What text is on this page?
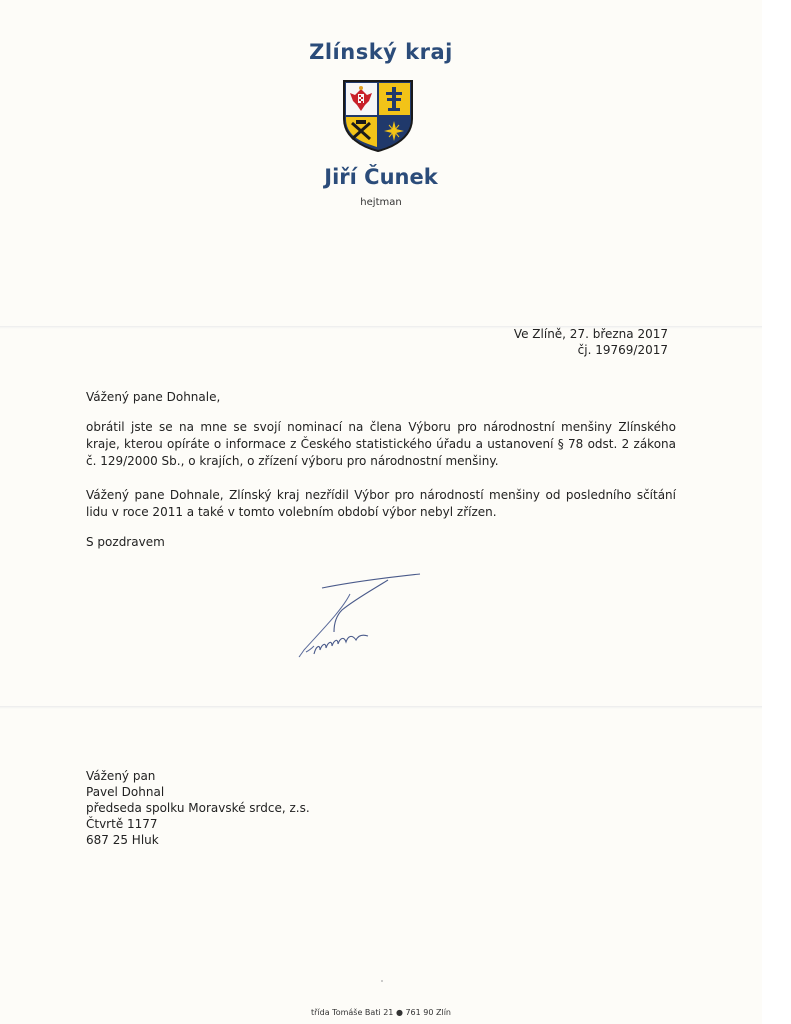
Zlínský kraj
Jiří Čunek
hejtman
Ve Zlíně, 27. března 2017
čj. 19769/2017
Vážený pane Dohnale,
obrátil jste se na mne se svojí nominací na člena Výboru pro národnostní menšiny Zlínského kraje, kterou opíráte o informace z Českého statistického úřadu a ustanovení § 78 odst. 2 zákona č. 129/2000 Sb., o krajích, o zřízení výboru pro národnostní menšiny.
Vážený pane Dohnale, Zlínský kraj nezřídil Výbor pro národností menšiny od posledního sčítání lidu v roce 2011 a také v tomto volebním období výbor nebyl zřízen.
S pozdravem
Vážený pan
Pavel Dohnal
předseda spolku Moravské srdce, z.s.
Čtvrtě 1177
687 25 Hluk
třída Tomáše Bati 21 ● 761 90 Zlín
